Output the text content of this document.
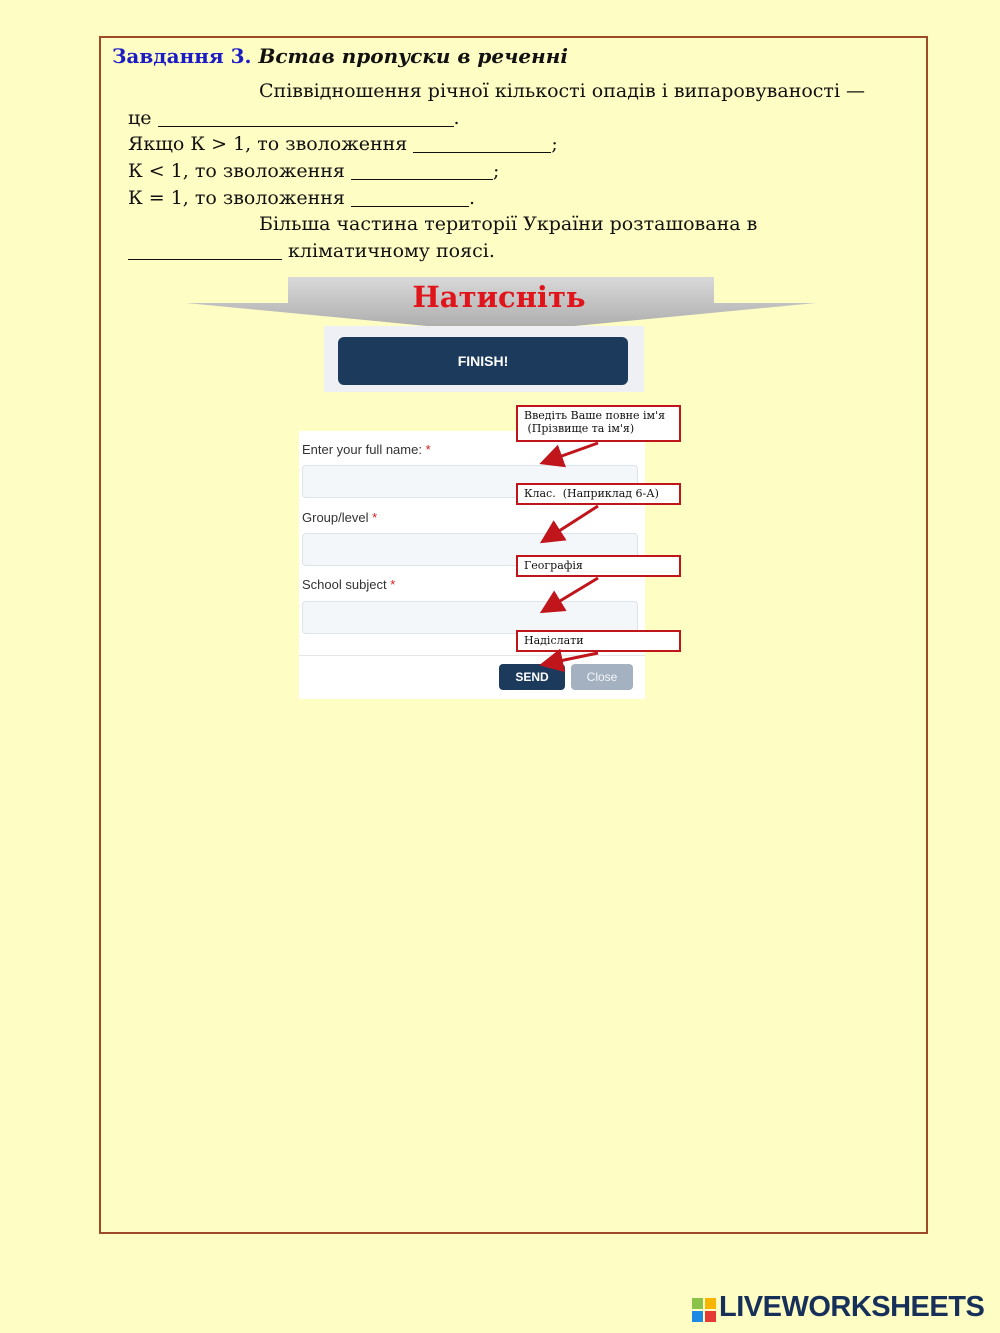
Завдання 3. Встав пропуски в реченні
Співвідношення річної кількості опадів і випаровуваності —
це	.
Якщо К > 1, то зволоження	;
К < 1, то зволоження	;
К = 1, то зволоження	.
Більша частина території України розташована в
кліматичному поясі.
Натисніть
FINISH!
Enter your full name: *
Group/level *
School subject *
SEND	Close
Введіть Ваше повне ім'я
(Прізвище та ім'я)
Клас.  (Наприклад 6-А)
Географія
Надіслати
LIVEWORKSHEETS
